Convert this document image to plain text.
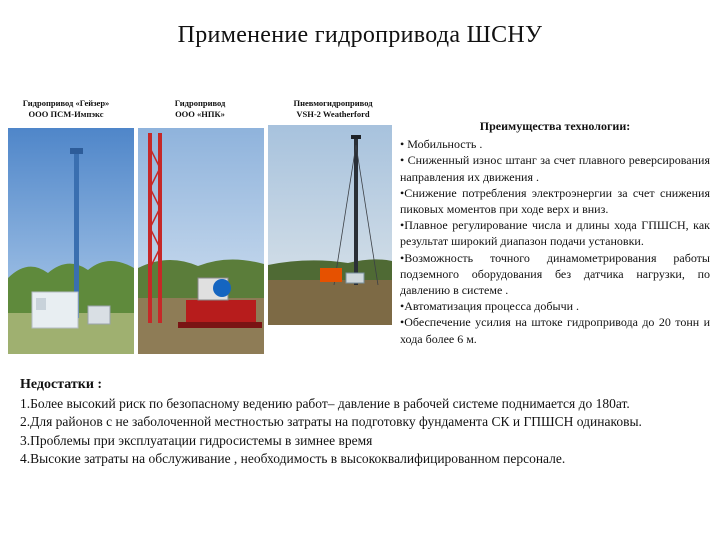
Применение гидропривода ШСНУ
Гидропривод «Гейзер»
ООО ПСМ-Импэкс
Гидропривод
ООО «НПК»
Пневмогидропривод
VSH-2 Weatherford
Преимущества технологии:

• Мобильность .

• Сниженный износ штанг за счет плавного реверсирования направления их движения .

•Снижение потребления электроэнергии за счет снижения пиковых моментов при ходе верх и вниз.

•Плавное регулирование числа и длины хода ГПШСН, как результат широкий диапазон подачи установки.

•Возможность точного динамометрирования работы подземного оборудования без датчика нагрузки, по давлению в системе .

•Автоматизация процесса добычи .

•Обеспечение усилия на штоке гидропривода до 20 тонн и хода более 6 м.

Недостатки :
1.Более высокий риск по безопасному ведению работ– давление в рабочей системе поднимается до 180ат.
2.Для районов с не заболоченной местностью затраты на подготовку фундамента СК и ГПШСН одинаковы.
3.Проблемы при эксплуатации гидросистемы в зимнее время
4.Высокие затраты на обслуживание , необходимость в высококвалифицированном персонале.
